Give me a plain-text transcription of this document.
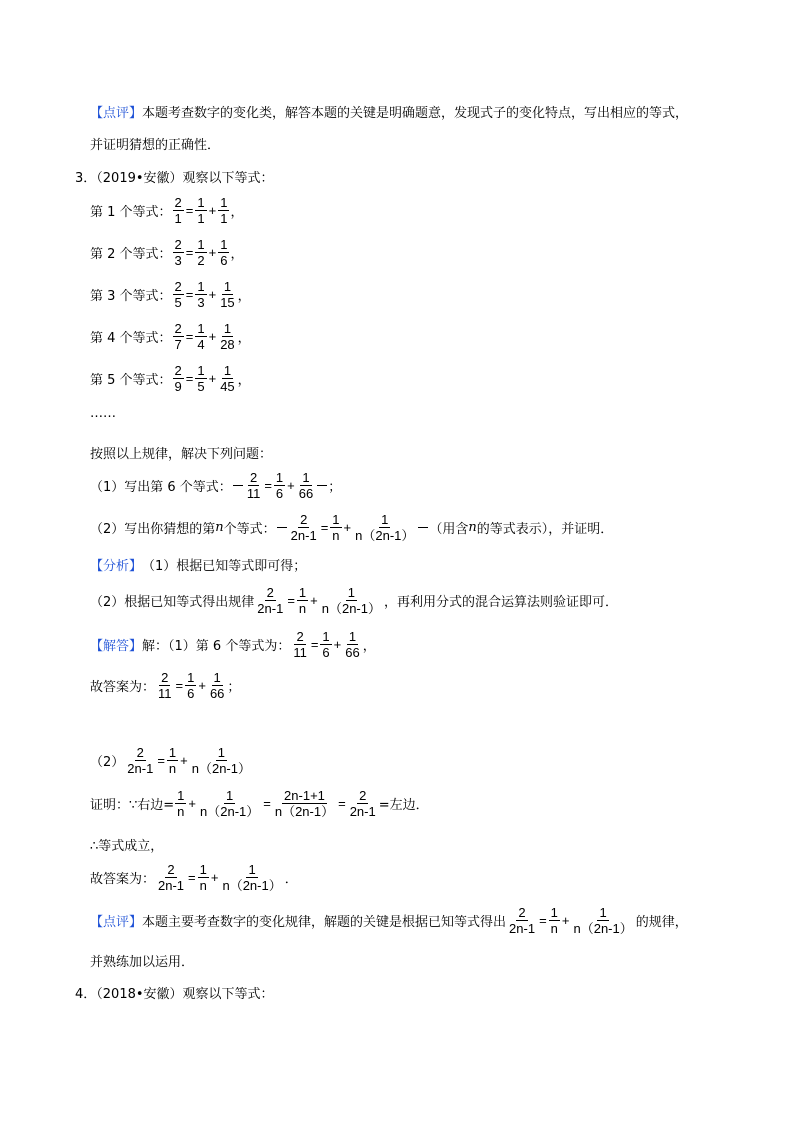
【点评】 本题考查数字的变化类，解答本题的关键是明确题意，发现式子的变化特点，写出相应的等式，
并证明猜想的正确性．
3．（2019•安徽）观察以下等式：
第 1 个等式： $\frac{2}{1} = \frac{1}{1} + \frac{1}{1}$ ，
第 2 个等式： $\frac{2}{3} = \frac{1}{2} + \frac{1}{6}$ ，
第 3 个等式： $\frac{2}{5} = \frac{1}{3} + \frac{1}{15}$ ，
第 4 个等式： $\frac{2}{7} = \frac{1}{4} + \frac{1}{28}$ ，
第 5 个等式： $\frac{2}{9} = \frac{1}{5} + \frac{1}{45}$ ，
……
按照以上规律，解决下列问题：
（1）写出第 6 个等式： $\frac{2}{11} = \frac{1}{6} + \frac{1}{66}$ ；
（2）写出你猜想的第 n 个等式： $\frac{2}{2n-1} = \frac{1}{n} + \frac{1}{n(2n-1)}$ （用含 n 的等式表示），并证明．
【分析】 （1）根据已知等式即可得；
（2）根据已知等式得出规律 $\frac{2}{2n-1} = \frac{1}{n} + \frac{1}{n(2n-1)}$ ，再利用分式的混合运算法则验证即可．
【解答】 解：（1）第 6 个等式为： $\frac{2}{11} = \frac{1}{6} + \frac{1}{66}$ ，
故答案为： $\frac{2}{11} = \frac{1}{6} + \frac{1}{66}$ ；
$(2) \frac{2}{2n-1} = \frac{1}{n} + \frac{1}{n(2n-1)}$
证明：∵右边= $\frac{1}{n} + \frac{1}{n(2n-1)} = \frac{2n-1+1}{n(2n-1)} = \frac{2}{2n-1}$ =左边．
∴等式成立，
故答案为： $\frac{2}{2n-1} = \frac{1}{n} + \frac{1}{n(2n-1)}$ ．
【点评】 本题主要考查数字的变化规律，解题的关键是根据已知等式得出 $\frac{2}{2n-1} = \frac{1}{n} + \frac{1}{n(2n-1)}$ 的规律，
并熟练加以运用．
4．（2018•安徽）观察以下等式：
